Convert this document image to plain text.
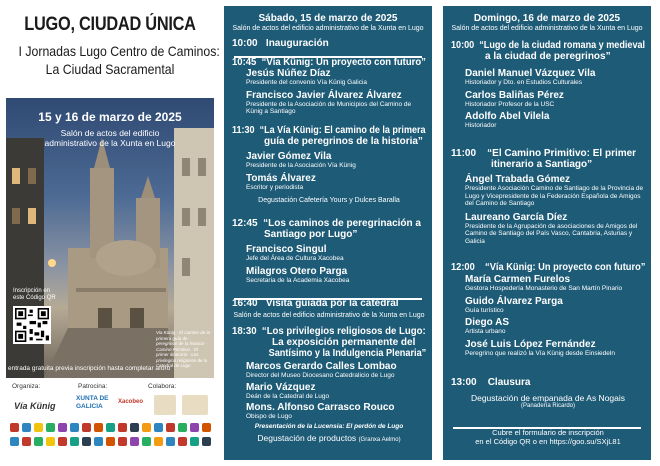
LUGO, CIUDAD ÚNICA
I Jornadas Lugo Centro de Caminos:
La Ciudad Sacramental
15 y 16 de marzo de 2025
Salón de actos del edificio
administrativo de la Xunta en Lugo
Inscripción en este Código QR
Via Künig · El camino de la primera guía de peregrinos de la historia · Camino Primitivo · El primer itinerario · Los privilegios religiosos de la Catedral de Lugo
entrada gratuita previa inscripción hasta completar aforo
Organiza:	Patrocina:	Colabora:
Vía Künig
XUNTA DE GALICIA
Xacobeo
Sábado, 15 de marzo de 2025
Salón de actos del edificio administrativo de la Xunta en Lugo
10:00 Inauguración
10:45 “Vía Künig: Un proyecto con futuro”
Jesús Núñez Díaz
Presidente del convenio Vía Künig Galicia
Francisco Javier Álvarez Álvarez
Presidente de la Asociación de Municipios del Camino de
Künig a Santiago
11:30 “La Vía Künig: El camino de la primera
guía de peregrinos de la historia”
Javier Gómez Vila
Presidente de la Asociación Vía Künig
Tomás Álvarez
Escritor y periodista
Degustación Cafetería Yours y Dulces Baralla
12:45 “Los caminos de peregrinación a
Santiago por Lugo”
Francisco Singul
Jefe del Área de Cultura Xacobea
Milagros Otero Parga
Secretaria de la Academia Xacobea
16:40 Visita guiada por la catedral
Salón de actos del edificio administrativo de la Xunta en Lugo
18:30 “Los privilegios religiosos de Lugo:
La exposición permanente del
Santísimo y la Indulgencia Plenaria”
Marcos Gerardo Calles Lombao
Director del Museo Diocesano Catedralicio de Lugo
Mario Vázquez
Deán de la Catedral de Lugo
Mons. Alfonso Carrasco Rouco
Obispo de Lugo
Presentación de la Lucensia: El perdón de Lugo
Degustación de productos (Granxa Aelmo)
Domingo, 16 de marzo de 2025
Salón de actos del edificio administrativo de la Xunta en Lugo
10:00 “Lugo de la ciudad romana y medieval
a la ciudad de peregrinos”
Daniel Manuel Vázquez Vila
Historiador y Dto. en Estudios Culturales
Carlos Baliñas Pérez
Historiador Profesor de la USC
Adolfo Abel Vilela
Historiador
11:00 “El Camino Primitivo: El primer
itinerario a Santiago”
Ángel Trabada Gómez
Presidente Asociación Camino de Santiago de la Provincia de
Lugo y Vicepresidente de la Federación Española de Amigos
del Camino de Santiago
Laureano García Díez
Presidente de la Agrupación de asociaciones de Amigos del
Camino de Santiago del País Vasco, Cantabria, Asturias y
Galicia
12:00 “Vía Künig: Un proyecto con futuro”
María Carmen Furelos
Gestora Hospedería Monasterio de San Martín Pinario
Guido Álvarez Parga
Guía turístico
Diego AS
Artista urbano
José Luis López Fernández
Peregrino que realizó la Vía Künig desde Einsiedeln
13:00 Clausura
Degustación de empanada de As Nogais
(Panadería Ricardo)
Cubre el formulario de inscripción
en el Código QR o en https://goo.su/SXjL81
